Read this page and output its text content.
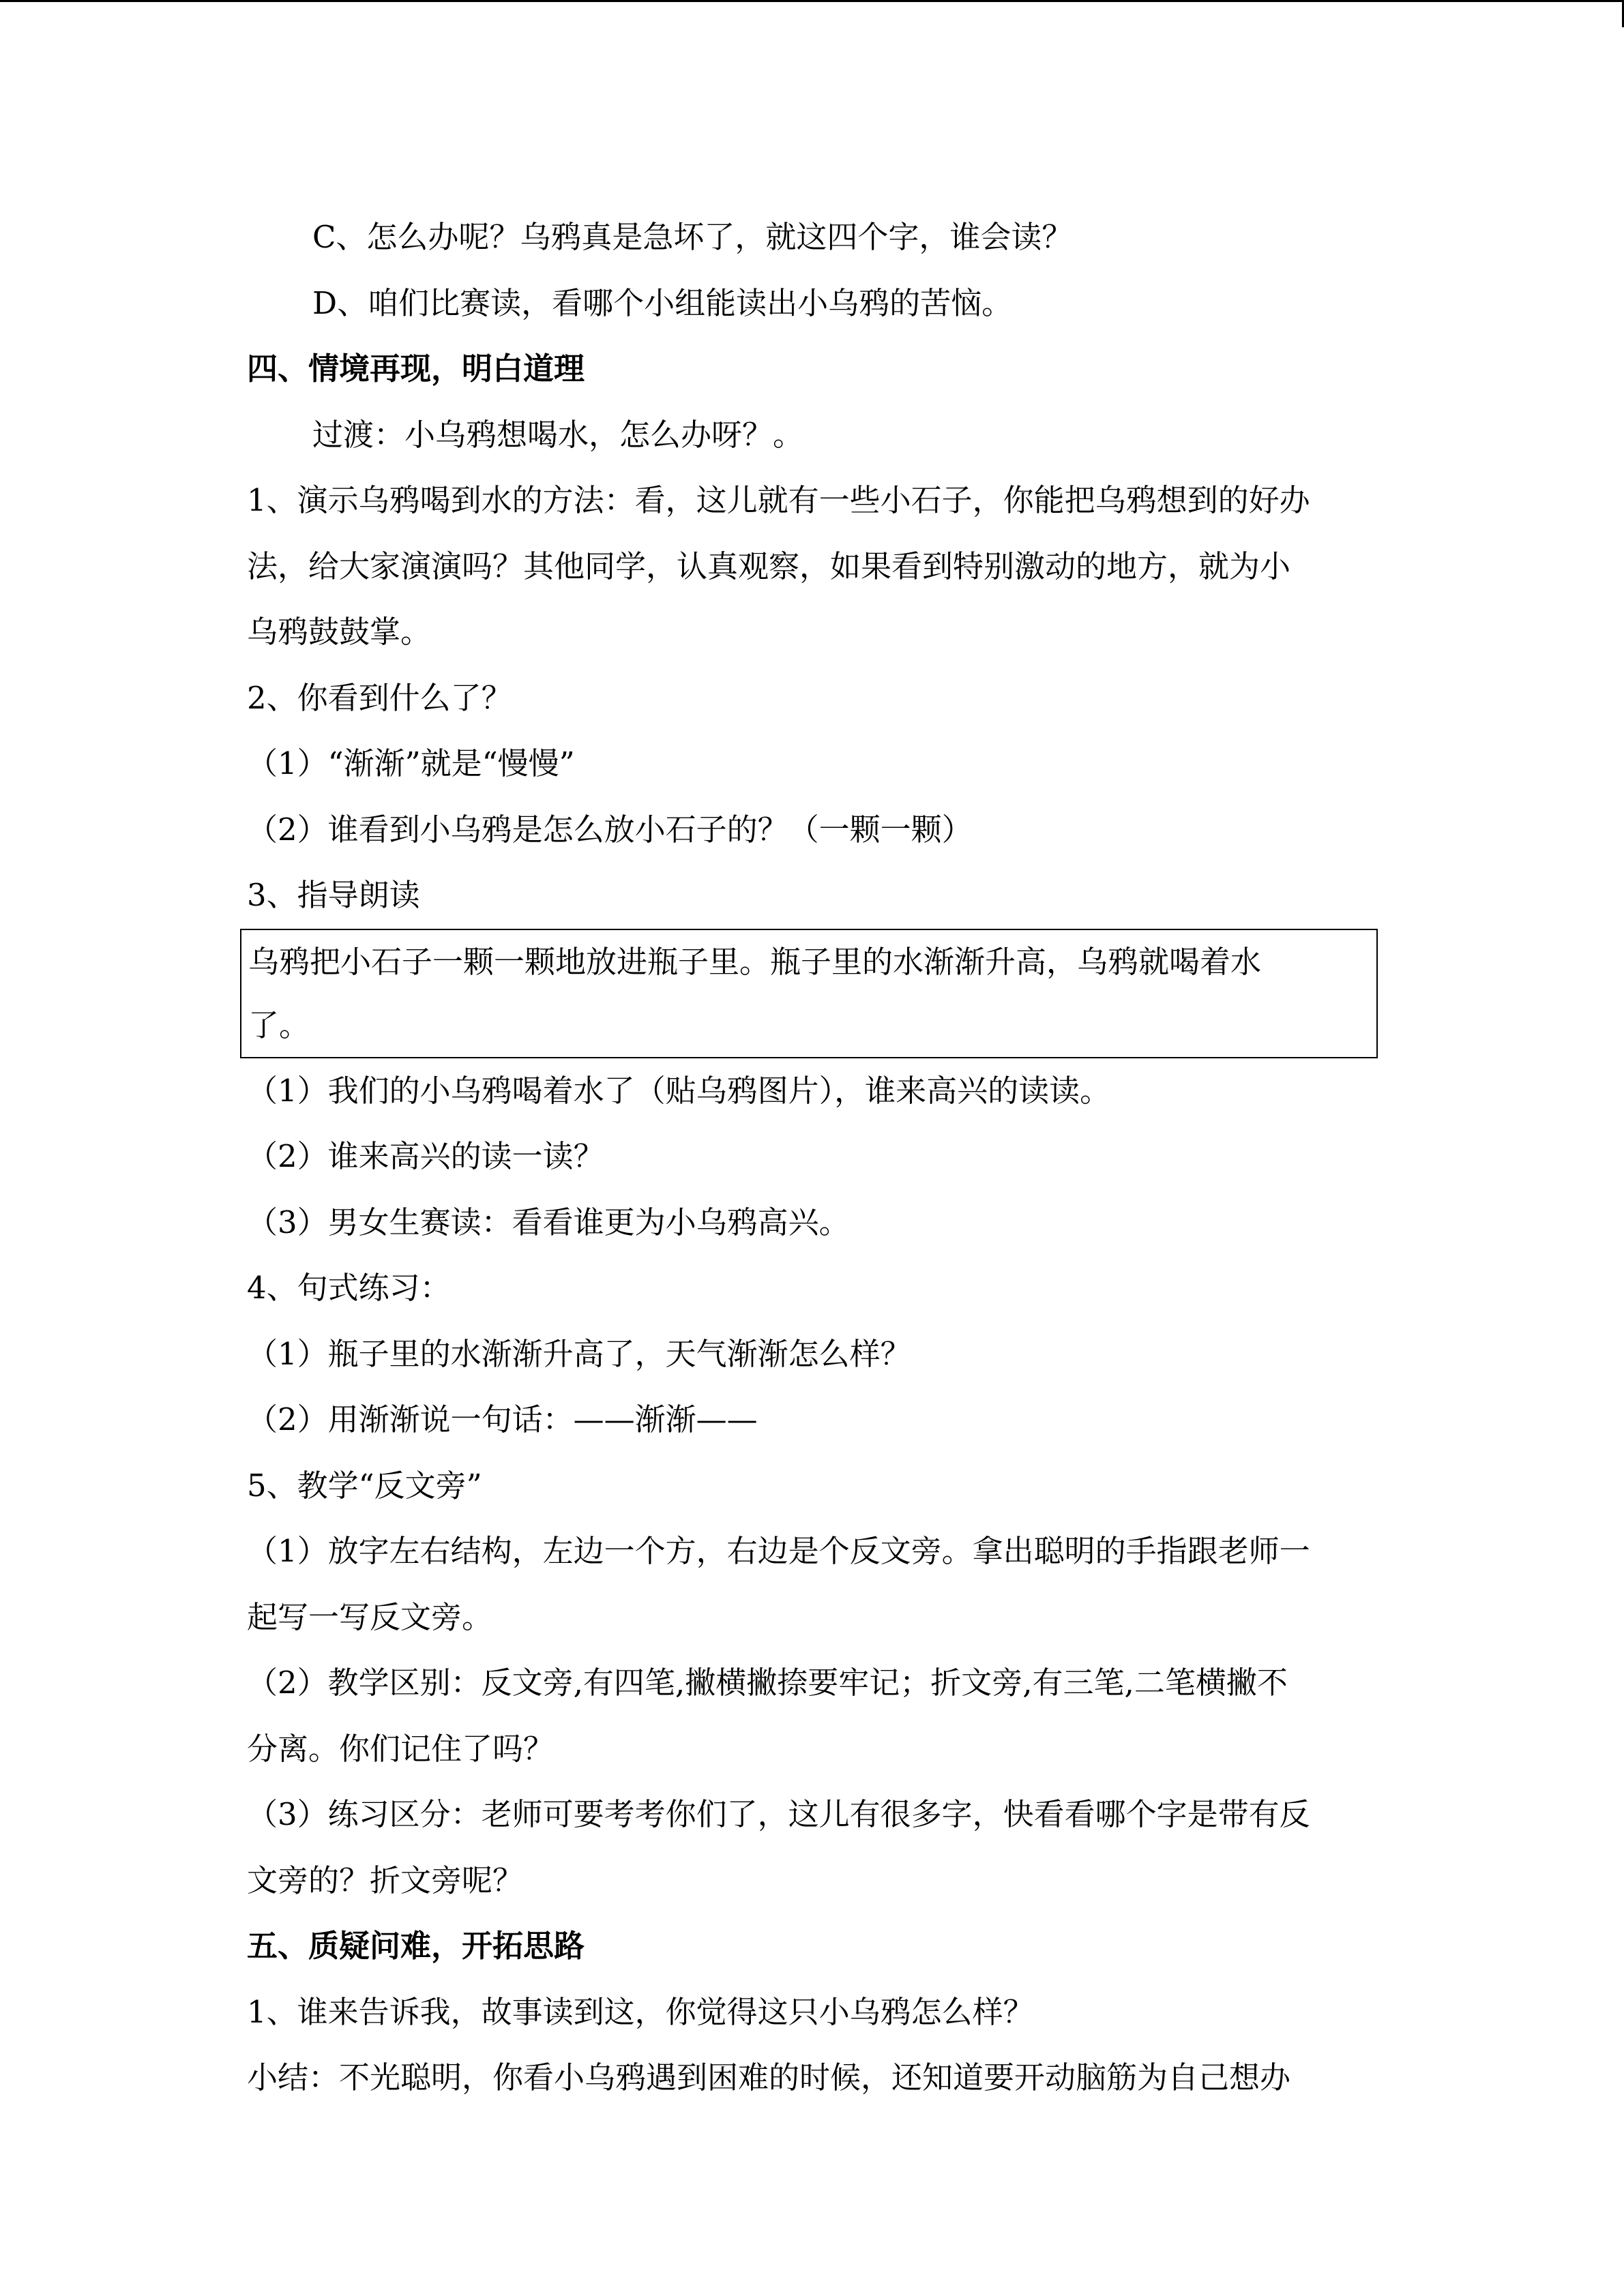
C、怎么办呢？乌鸦真是急坏了，就这四个字，谁会读？
D、咱们比赛读，看哪个小组能读出小乌鸦的苦恼。
四、情境再现，明白道理
过渡：小乌鸦想喝水，怎么办呀？。
1、演示乌鸦喝到水的方法：看，这儿就有一些小石子，你能把乌鸦想到的好办
法，给大家演演吗？其他同学，认真观察，如果看到特别激动的地方，就为小
乌鸦鼓鼓掌。
2、你看到什么了？
（1）“渐渐”就是“慢慢”
（2）谁看到小乌鸦是怎么放小石子的？（一颗一颗）
3、指导朗读
乌鸦把小石子一颗一颗地放进瓶子里。瓶子里的水渐渐升高，乌鸦就喝着水
了。
（1）我们的小乌鸦喝着水了（贴乌鸦图片），谁来高兴的读读。
（2）谁来高兴的读一读？
（3）男女生赛读：看看谁更为小乌鸦高兴。
4、句式练习：
（1）瓶子里的水渐渐升高了，天气渐渐怎么样？
（2）用渐渐说一句话：——渐渐——
5、教学“反文旁”
（1）放字左右结构，左边一个方，右边是个反文旁。拿出聪明的手指跟老师一
起写一写反文旁。
（2）教学区别：反文旁,有四笔,撇横撇捺要牢记；折文旁,有三笔,二笔横撇不
分离。你们记住了吗？
（3）练习区分：老师可要考考你们了，这儿有很多字，快看看哪个字是带有反
文旁的？折文旁呢？
五、质疑问难，开拓思路
1、谁来告诉我，故事读到这，你觉得这只小乌鸦怎么样？
小结：不光聪明，你看小乌鸦遇到困难的时候，还知道要开动脑筋为自己想办
